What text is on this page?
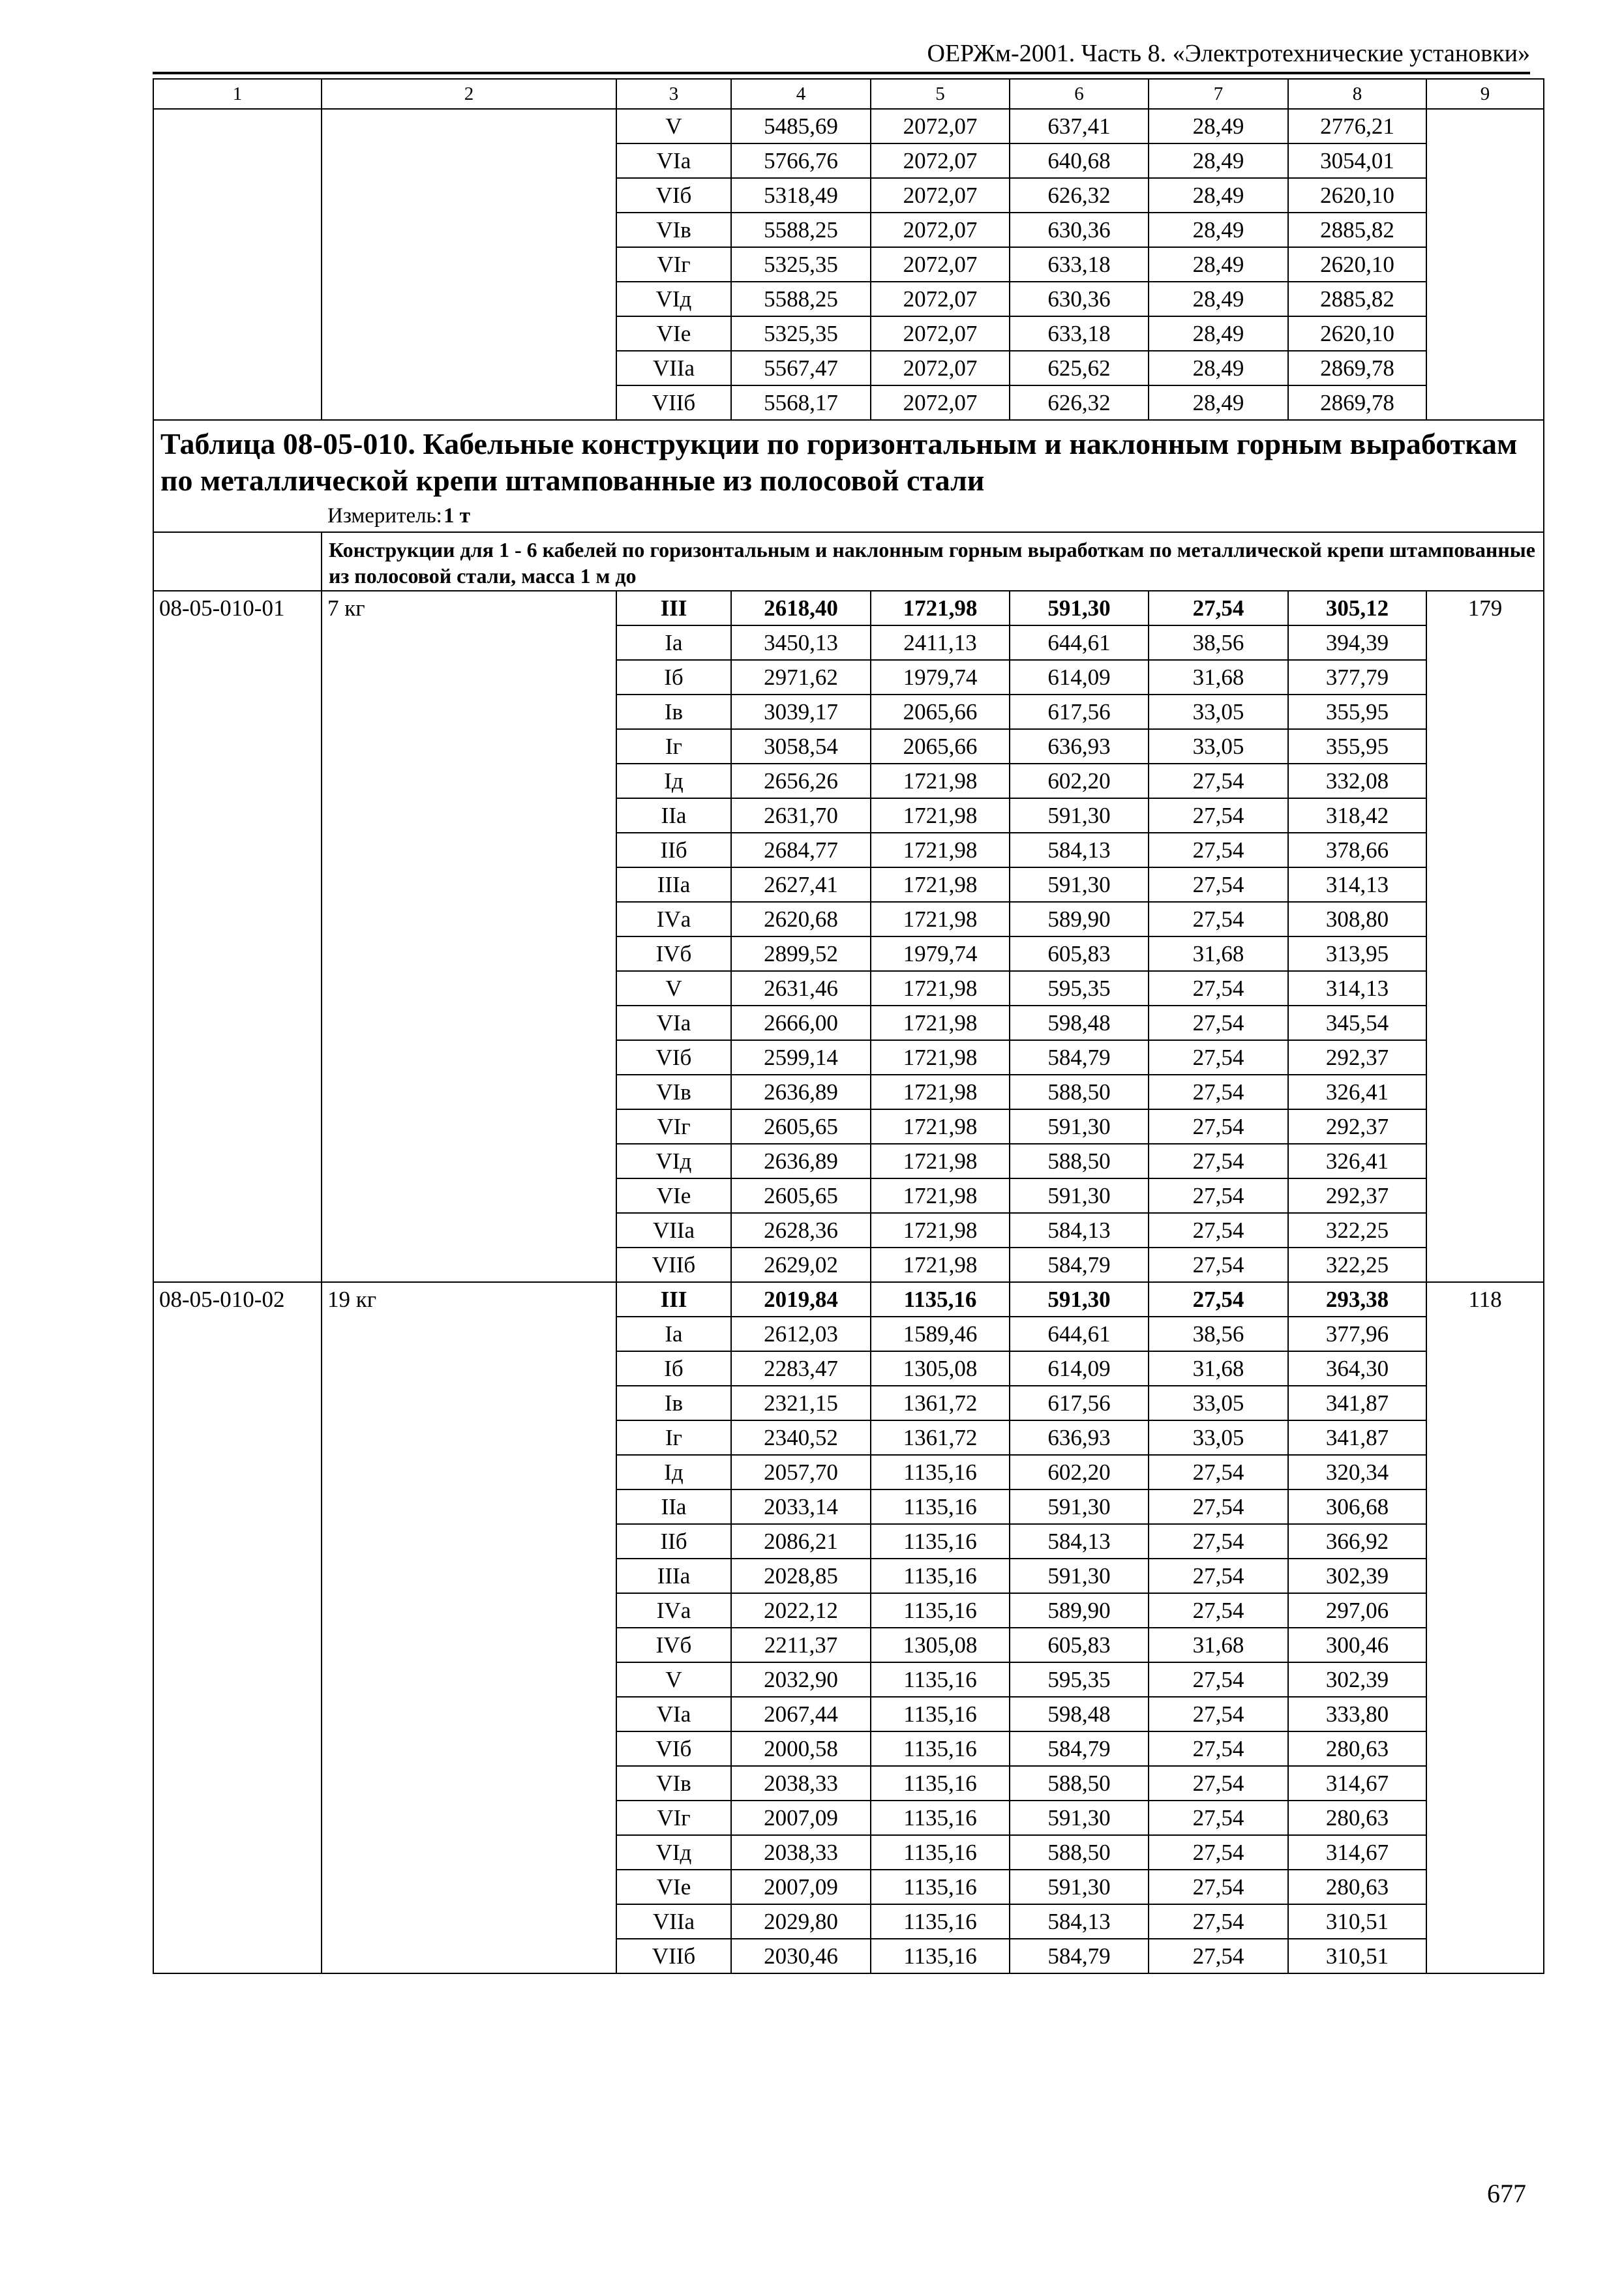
ОЕРЖм-2001. Часть 8. «Электротехнические установки»
1	2	3	4	5	6	7	8	9
		V	5485,69	2072,07	637,41	28,49	2776,21	
		VIа	5766,76	2072,07	640,68	28,49	3054,01	
		VIб	5318,49	2072,07	626,32	28,49	2620,10	
		VIв	5588,25	2072,07	630,36	28,49	2885,82	
		VIг	5325,35	2072,07	633,18	28,49	2620,10	
		VIд	5588,25	2072,07	630,36	28,49	2885,82	
		VIе	5325,35	2072,07	633,18	28,49	2620,10	
		VIIа	5567,47	2072,07	625,62	28,49	2869,78	
		VIIб	5568,17	2072,07	626,32	28,49	2869,78	

Таблица 08-05-010. Кабельные конструкции по горизонтальным и наклонным горным выработкам по металлической крепи штампованные из полосовой стали
Измеритель:1 т								

	Конструкции для 1 - 6 кабелей по горизонтальным и наклонным горным выработкам по металлической крепи штампованные из полосовой стали, масса 1 м до							
08-05-010-01	7 кг	III	2618,40	1721,98	591,30	27,54	305,12	179
		Iа	3450,13	2411,13	644,61	38,56	394,39	
		Iб	2971,62	1979,74	614,09	31,68	377,79	
		Iв	3039,17	2065,66	617,56	33,05	355,95	
		Iг	3058,54	2065,66	636,93	33,05	355,95	
		Iд	2656,26	1721,98	602,20	27,54	332,08	
		IIа	2631,70	1721,98	591,30	27,54	318,42	
		IIб	2684,77	1721,98	584,13	27,54	378,66	
		IIIа	2627,41	1721,98	591,30	27,54	314,13	
		IVа	2620,68	1721,98	589,90	27,54	308,80	
		IVб	2899,52	1979,74	605,83	31,68	313,95	
		V	2631,46	1721,98	595,35	27,54	314,13	
		VIа	2666,00	1721,98	598,48	27,54	345,54	
		VIб	2599,14	1721,98	584,79	27,54	292,37	
		VIв	2636,89	1721,98	588,50	27,54	326,41	
		VIг	2605,65	1721,98	591,30	27,54	292,37	
		VIд	2636,89	1721,98	588,50	27,54	326,41	
		VIе	2605,65	1721,98	591,30	27,54	292,37	
		VIIа	2628,36	1721,98	584,13	27,54	322,25	
		VIIб	2629,02	1721,98	584,79	27,54	322,25	
08-05-010-02	19 кг	III	2019,84	1135,16	591,30	27,54	293,38	118
		Iа	2612,03	1589,46	644,61	38,56	377,96	
		Iб	2283,47	1305,08	614,09	31,68	364,30	
		Iв	2321,15	1361,72	617,56	33,05	341,87	
		Iг	2340,52	1361,72	636,93	33,05	341,87	
		Iд	2057,70	1135,16	602,20	27,54	320,34	
		IIа	2033,14	1135,16	591,30	27,54	306,68	
		IIб	2086,21	1135,16	584,13	27,54	366,92	
		IIIа	2028,85	1135,16	591,30	27,54	302,39	
		IVа	2022,12	1135,16	589,90	27,54	297,06	
		IVб	2211,37	1305,08	605,83	31,68	300,46	
		V	2032,90	1135,16	595,35	27,54	302,39	
		VIа	2067,44	1135,16	598,48	27,54	333,80	
		VIб	2000,58	1135,16	584,79	27,54	280,63	
		VIв	2038,33	1135,16	588,50	27,54	314,67	
		VIг	2007,09	1135,16	591,30	27,54	280,63	
		VIд	2038,33	1135,16	588,50	27,54	314,67	
		VIе	2007,09	1135,16	591,30	27,54	280,63	
		VIIа	2029,80	1135,16	584,13	27,54	310,51	
		VIIб	2030,46	1135,16	584,79	27,54	310,51	
677
